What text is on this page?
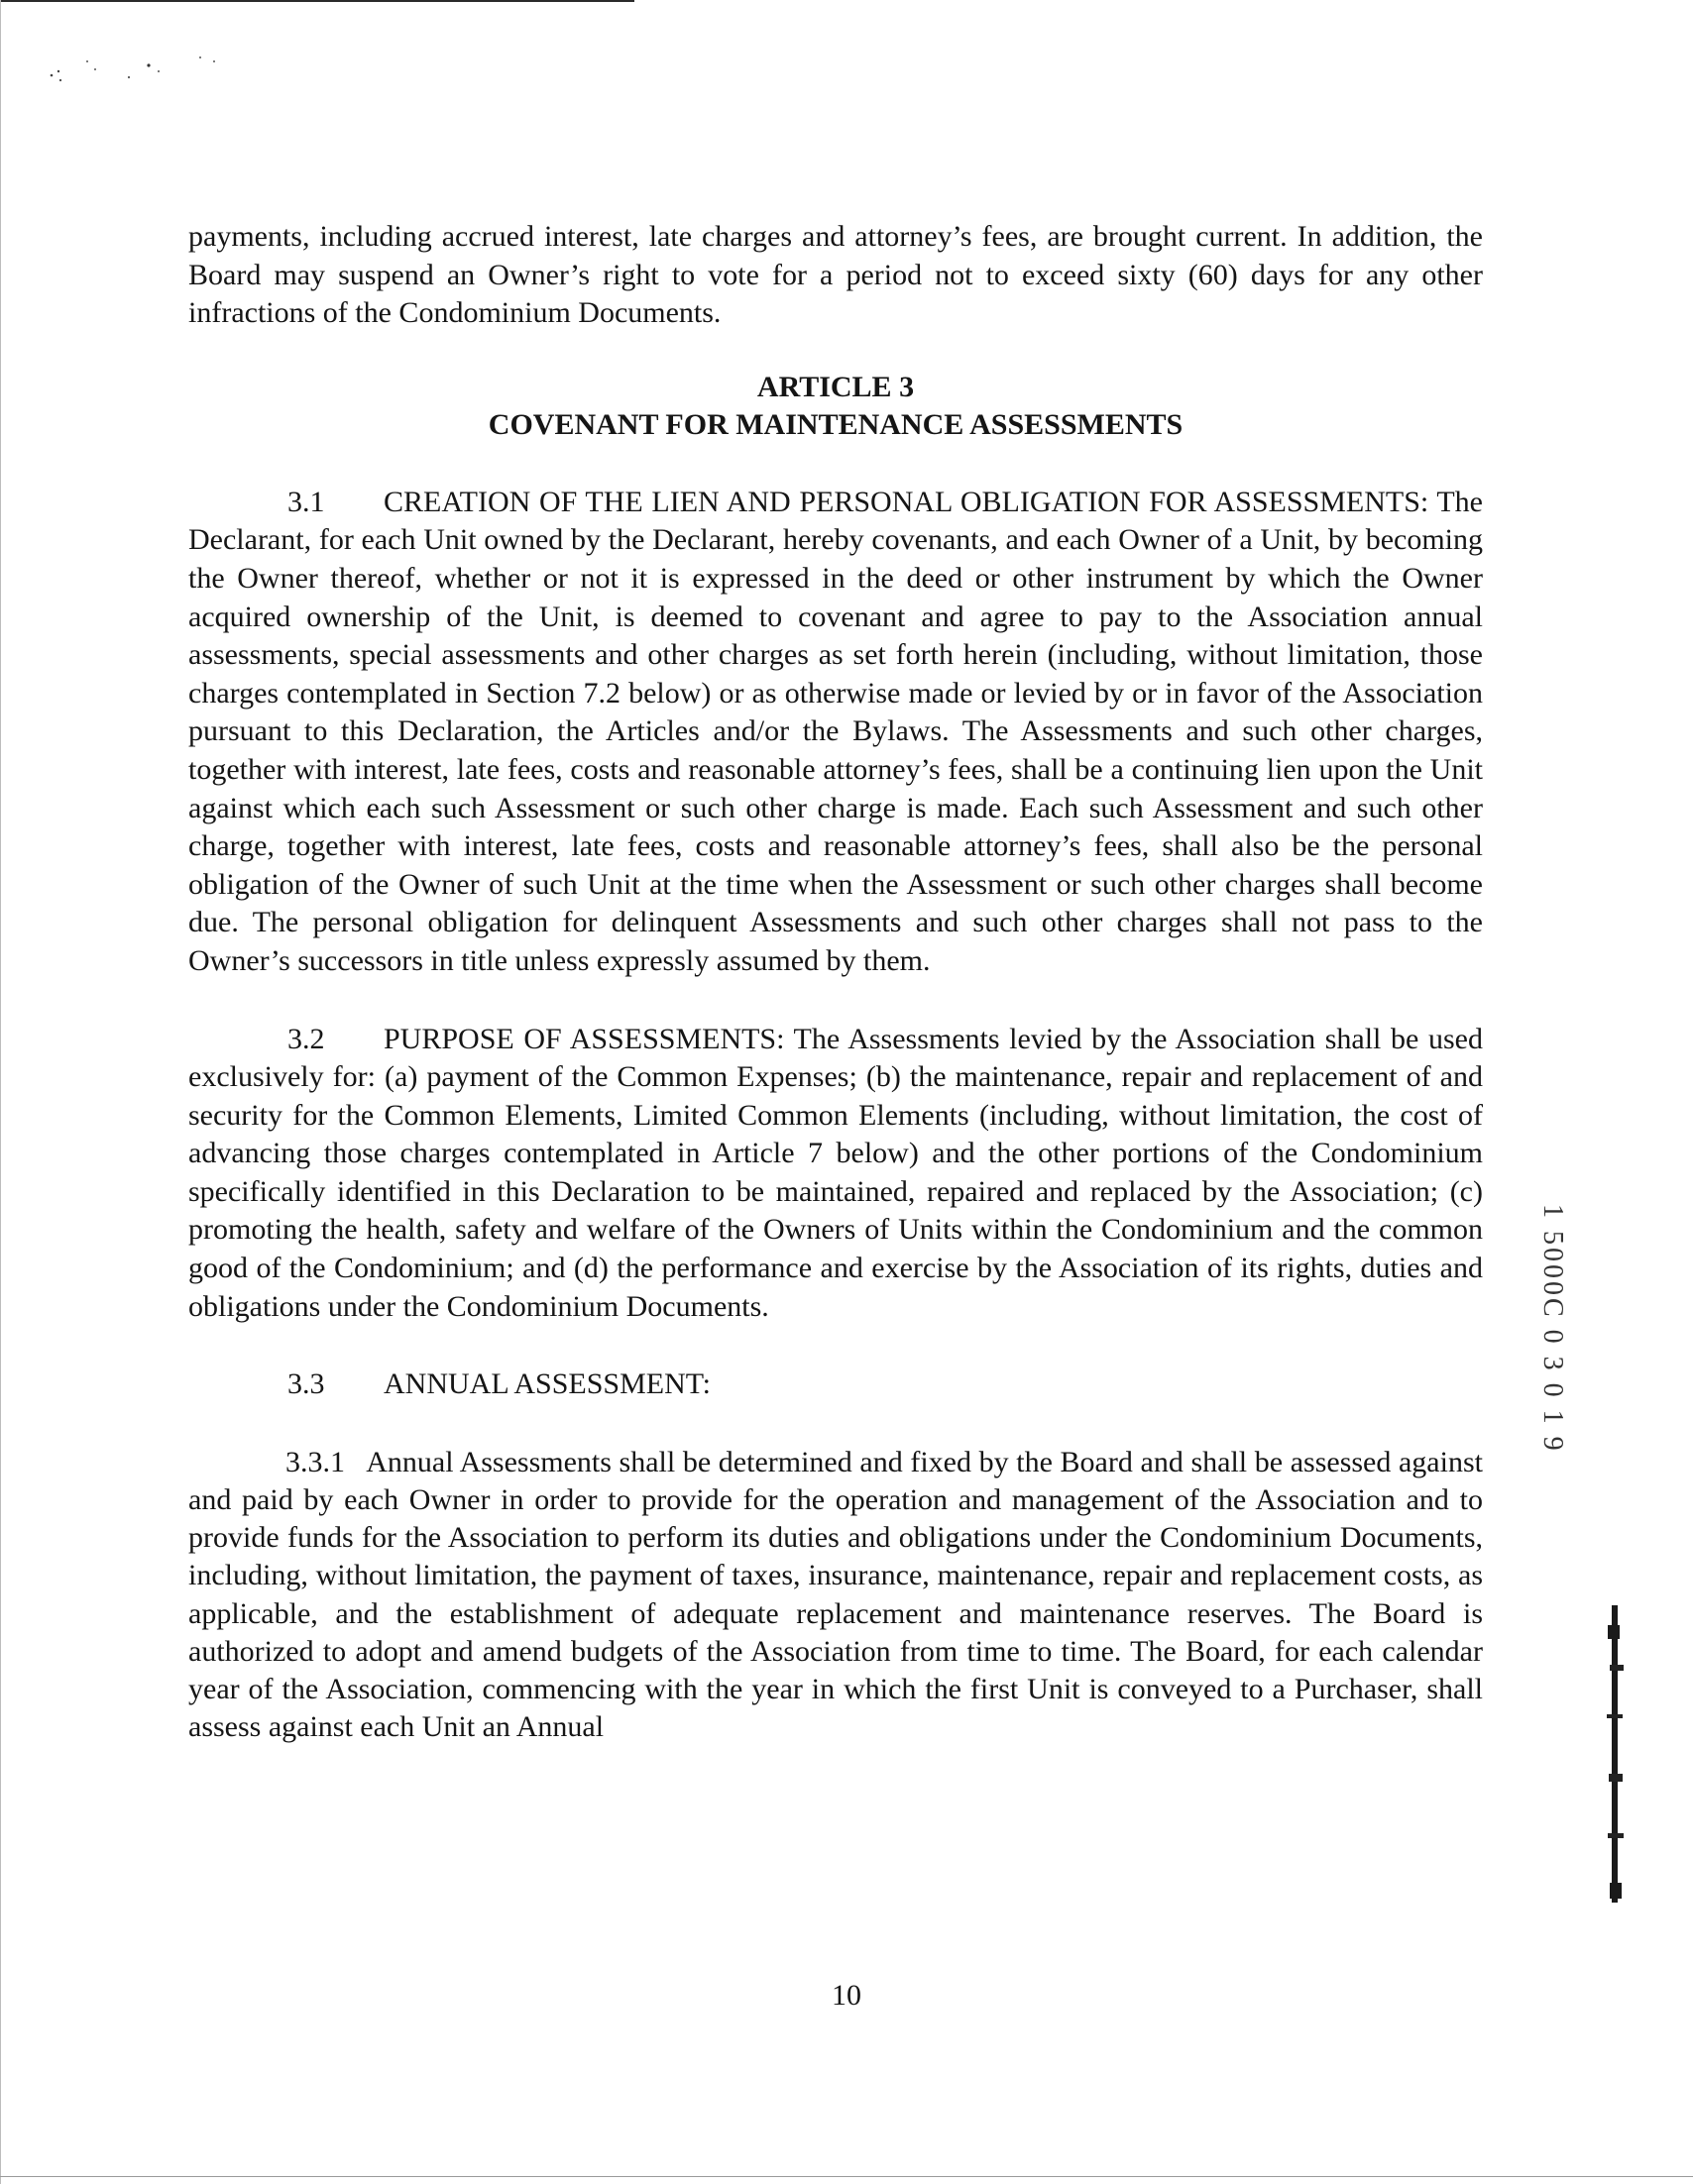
payments, including accrued interest, late charges and attorney’s fees, are brought current. In addition, the Board may suspend an Owner’s right to vote for a period not to exceed sixty (60) days for any other infractions of the Condominium Documents.

ARTICLE 3
COVENANT FOR MAINTENANCE ASSESSMENTS

3.1 CREATION OF THE LIEN AND PERSONAL OBLIGATION FOR ASSESSMENTS: The Declarant, for each Unit owned by the Declarant, hereby covenants, and each Owner of a Unit, by becoming the Owner thereof, whether or not it is expressed in the deed or other instrument by which the Owner acquired ownership of the Unit, is deemed to covenant and agree to pay to the Association annual assessments, special assessments and other charges as set forth herein (including, without limitation, those charges contemplated in Section 7.2 below) or as otherwise made or levied by or in favor of the Association pursuant to this Declaration, the Articles and/or the Bylaws. The Assessments and such other charges, together with interest, late fees, costs and reasonable attorney’s fees, shall be a continuing lien upon the Unit against which each such Assessment or such other charge is made. Each such Assessment and such other charge, together with interest, late fees, costs and reasonable attorney’s fees, shall also be the personal obligation of the Owner of such Unit at the time when the Assessment or such other charges shall become due. The personal obligation for delinquent Assessments and such other charges shall not pass to the Owner’s successors in title unless expressly assumed by them.

3.2 PURPOSE OF ASSESSMENTS: The Assessments levied by the Association shall be used exclusively for: (a) payment of the Common Expenses; (b) the maintenance, repair and replacement of and security for the Common Elements, Limited Common Elements (including, without limitation, the cost of advancing those charges contemplated in Article 7 below) and the other portions of the Condominium specifically identified in this Declaration to be maintained, repaired and replaced by the Association; (c) promoting the health, safety and welfare of the Owners of Units within the Condominium and the common good of the Condominium; and (d) the performance and exercise by the Association of its rights, duties and obligations under the Condominium Documents.

3.3 ANNUAL ASSESSMENT:

3.3.1 Annual Assessments shall be determined and fixed by the Board and shall be assessed against and paid by each Owner in order to provide for the operation and management of the Association and to provide funds for the Association to perform its duties and obligations under the Condominium Documents, including, without limitation, the payment of taxes, insurance, maintenance, repair and replacement costs, as applicable, and the establishment of adequate replacement and maintenance reserves. The Board is authorized to adopt and amend budgets of the Association from time to time. The Board, for each calendar year of the Association, commencing with the year in which the first Unit is conveyed to a Purchaser, shall assess against each Unit an Annual

10
1 5000C 0 3 0 1 9
